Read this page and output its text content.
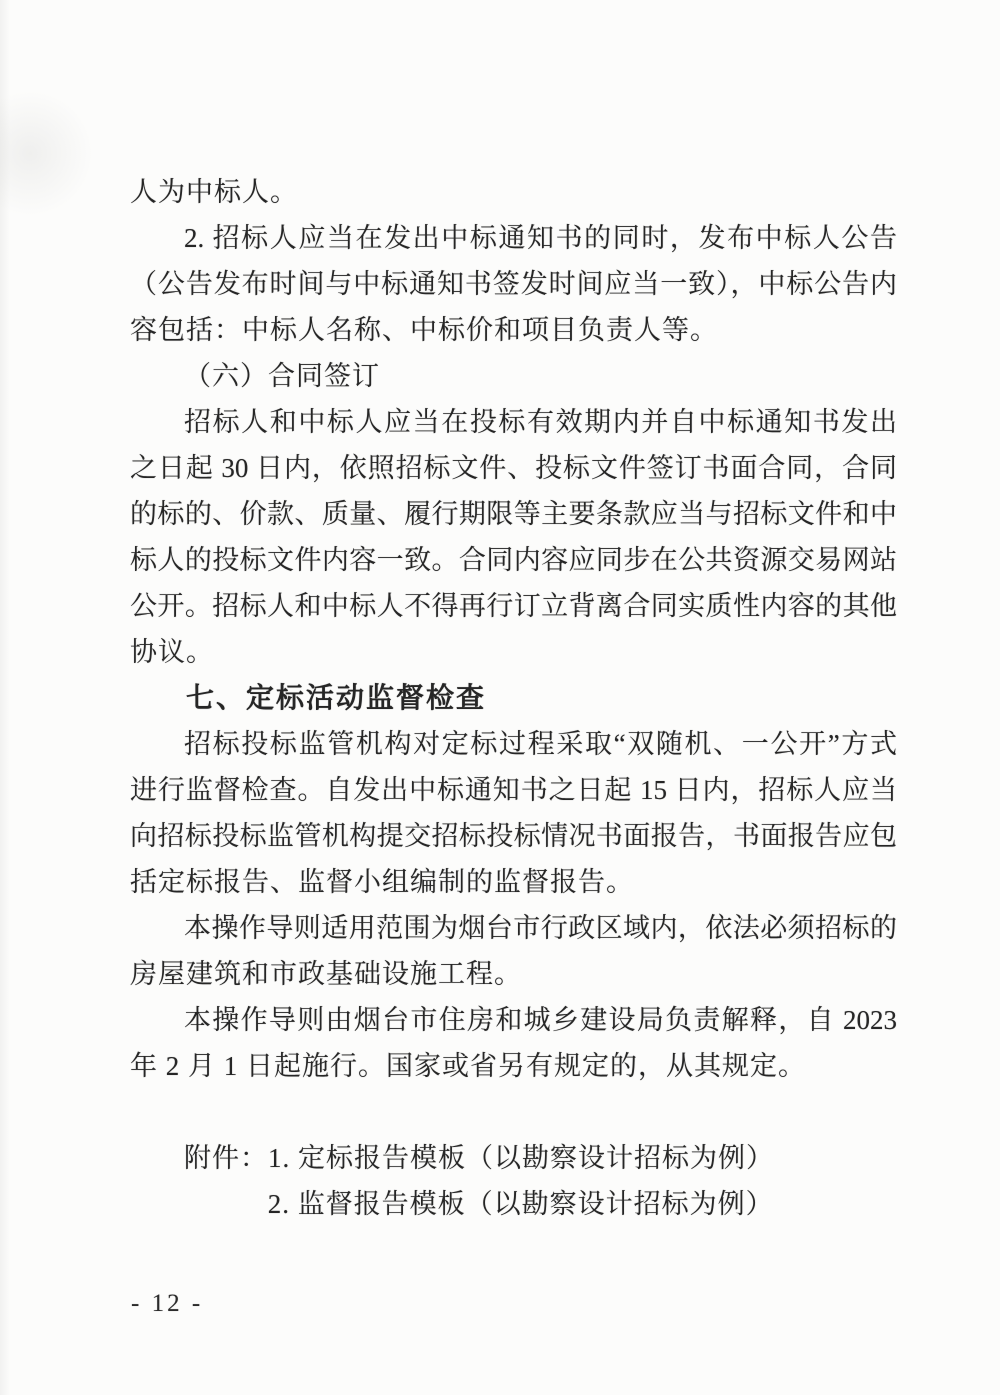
人为中标人。
2. 招标人应当在发出中标通知书的同时，发布中标人公告
（公告发布时间与中标通知书签发时间应当一致），中标公告内
容包括：中标人名称、中标价和项目负责人等。
（六）合同签订
招标人和中标人应当在投标有效期内并自中标通知书发出
之日起 30 日内，依照招标文件、投标文件签订书面合同，合同
的标的、价款、质量、履行期限等主要条款应当与招标文件和中
标人的投标文件内容一致。合同内容应同步在公共资源交易网站
公开。招标人和中标人不得再行订立背离合同实质性内容的其他
协议。
七、定标活动监督检查
招标投标监管机构对定标过程采取“双随机、一公开”方式
进行监督检查。自发出中标通知书之日起 15 日内，招标人应当
向招标投标监管机构提交招标投标情况书面报告，书面报告应包
括定标报告、监督小组编制的监督报告。
本操作导则适用范围为烟台市行政区域内，依法必须招标的
房屋建筑和市政基础设施工程。
本操作导则由烟台市住房和城乡建设局负责解释，自 2023
年 2 月 1 日起施行。国家或省另有规定的，从其规定。
附件：1. 定标报告模板（以勘察设计招标为例）
2. 监督报告模板（以勘察设计招标为例）
- 12 -
